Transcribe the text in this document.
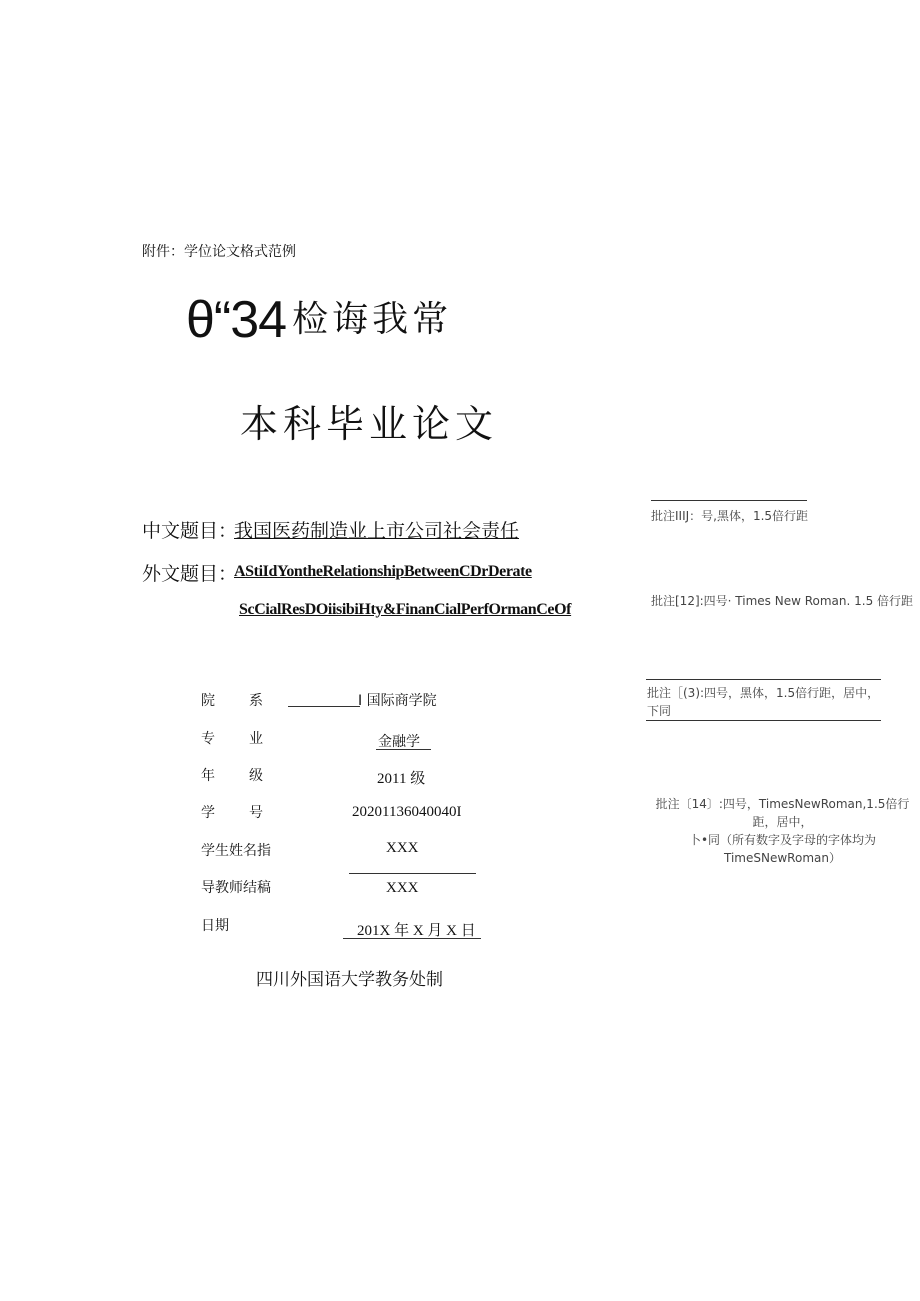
附件：学位论文格式范例
θ“34 检诲我常
本科毕业论文
中文题目：
我国医药制造业上市公司社会责任
外文题目：
AStiIdYontheRelationshipBetweenCDrDerate
ScCialResDOiisibiHty&FinanCialPerfOrmanCeOf
院系	I 国际商学院
专业	金融学
年级	2011 级
学号	20201136040040I
学生姓名指	XXX
导教师结稿	XXX
日期	201X 年 X 月 X 日
四川外国语大学教务处制
批注IIIJ：号,黑体，1.5倍行距
批注[12]:四号· Times New Roman. 1.5 倍行距
批注［(3):四号，黑体，1.5倍行距，居中，下同
批注〔14〕:四号，TimesNewRoman,1.5倍行距，居中，
卜•同（所有数字及字母的字体均为 TimeSNewRoman）
